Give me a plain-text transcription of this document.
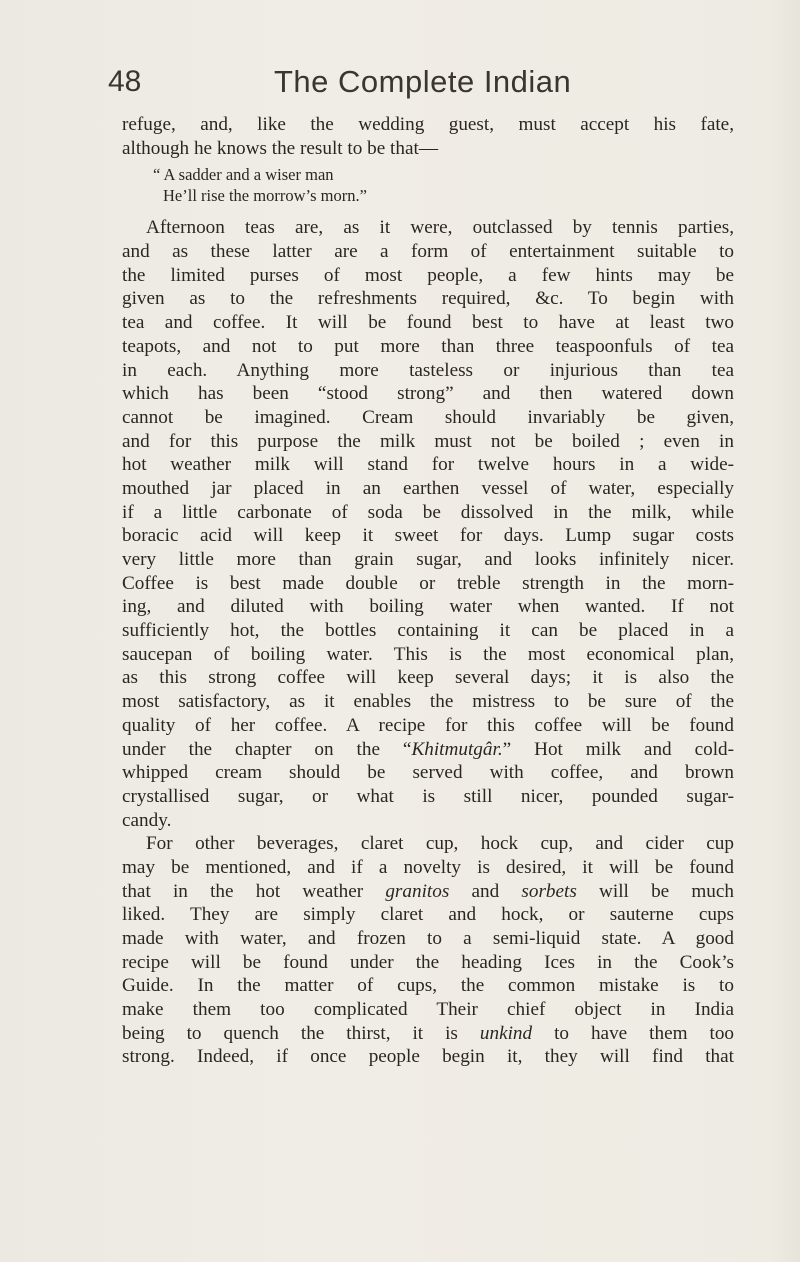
48	The Complete Indian
refuge, and, like the wedding guest, must accept his fate,
although he knows the result to be that—
“ A sadder and a wiser man
He’ll rise the morrow’s morn.”
Afternoon teas are, as it were, outclassed by tennis parties,
and as these latter are a form of entertainment suitable to
the limited purses of most people, a few hints may be
given as to the refreshments required, &c. To begin with
tea and coffee. It will be found best to have at least two
teapots, and not to put more than three teaspoonfuls of tea
in each. Anything more tasteless or injurious than tea
which has been “stood strong” and then watered down
cannot be imagined. Cream should invariably be given,
and for this purpose the milk must not be boiled ; even in
hot weather milk will stand for twelve hours in a wide-
mouthed jar placed in an earthen vessel of water, especially
if a little carbonate of soda be dissolved in the milk, while
boracic acid will keep it sweet for days. Lump sugar costs
very little more than grain sugar, and looks infinitely nicer.
Coffee is best made double or treble strength in the morn-
ing, and diluted with boiling water when wanted. If not
sufficiently hot, the bottles containing it can be placed in a
saucepan of boiling water. This is the most economical plan,
as this strong coffee will keep several days; it is also the
most satisfactory, as it enables the mistress to be sure of the
quality of her coffee. A recipe for this coffee will be found
under the chapter on the “Khitmutgâr.” Hot milk and cold-
whipped cream should be served with coffee, and brown
crystallised sugar, or what is still nicer, pounded sugar-
candy.
For other beverages, claret cup, hock cup, and cider cup
may be mentioned, and if a novelty is desired, it will be found
that in the hot weather granitos and sorbets will be much
liked. They are simply claret and hock, or sauterne cups
made with water, and frozen to a semi-liquid state. A good
recipe will be found under the heading Ices in the Cook’s
Guide. In the matter of cups, the common mistake is to
make them too complicated Their chief object in India
being to quench the thirst, it is unkind to have them too
strong. Indeed, if once people begin it, they will find that
